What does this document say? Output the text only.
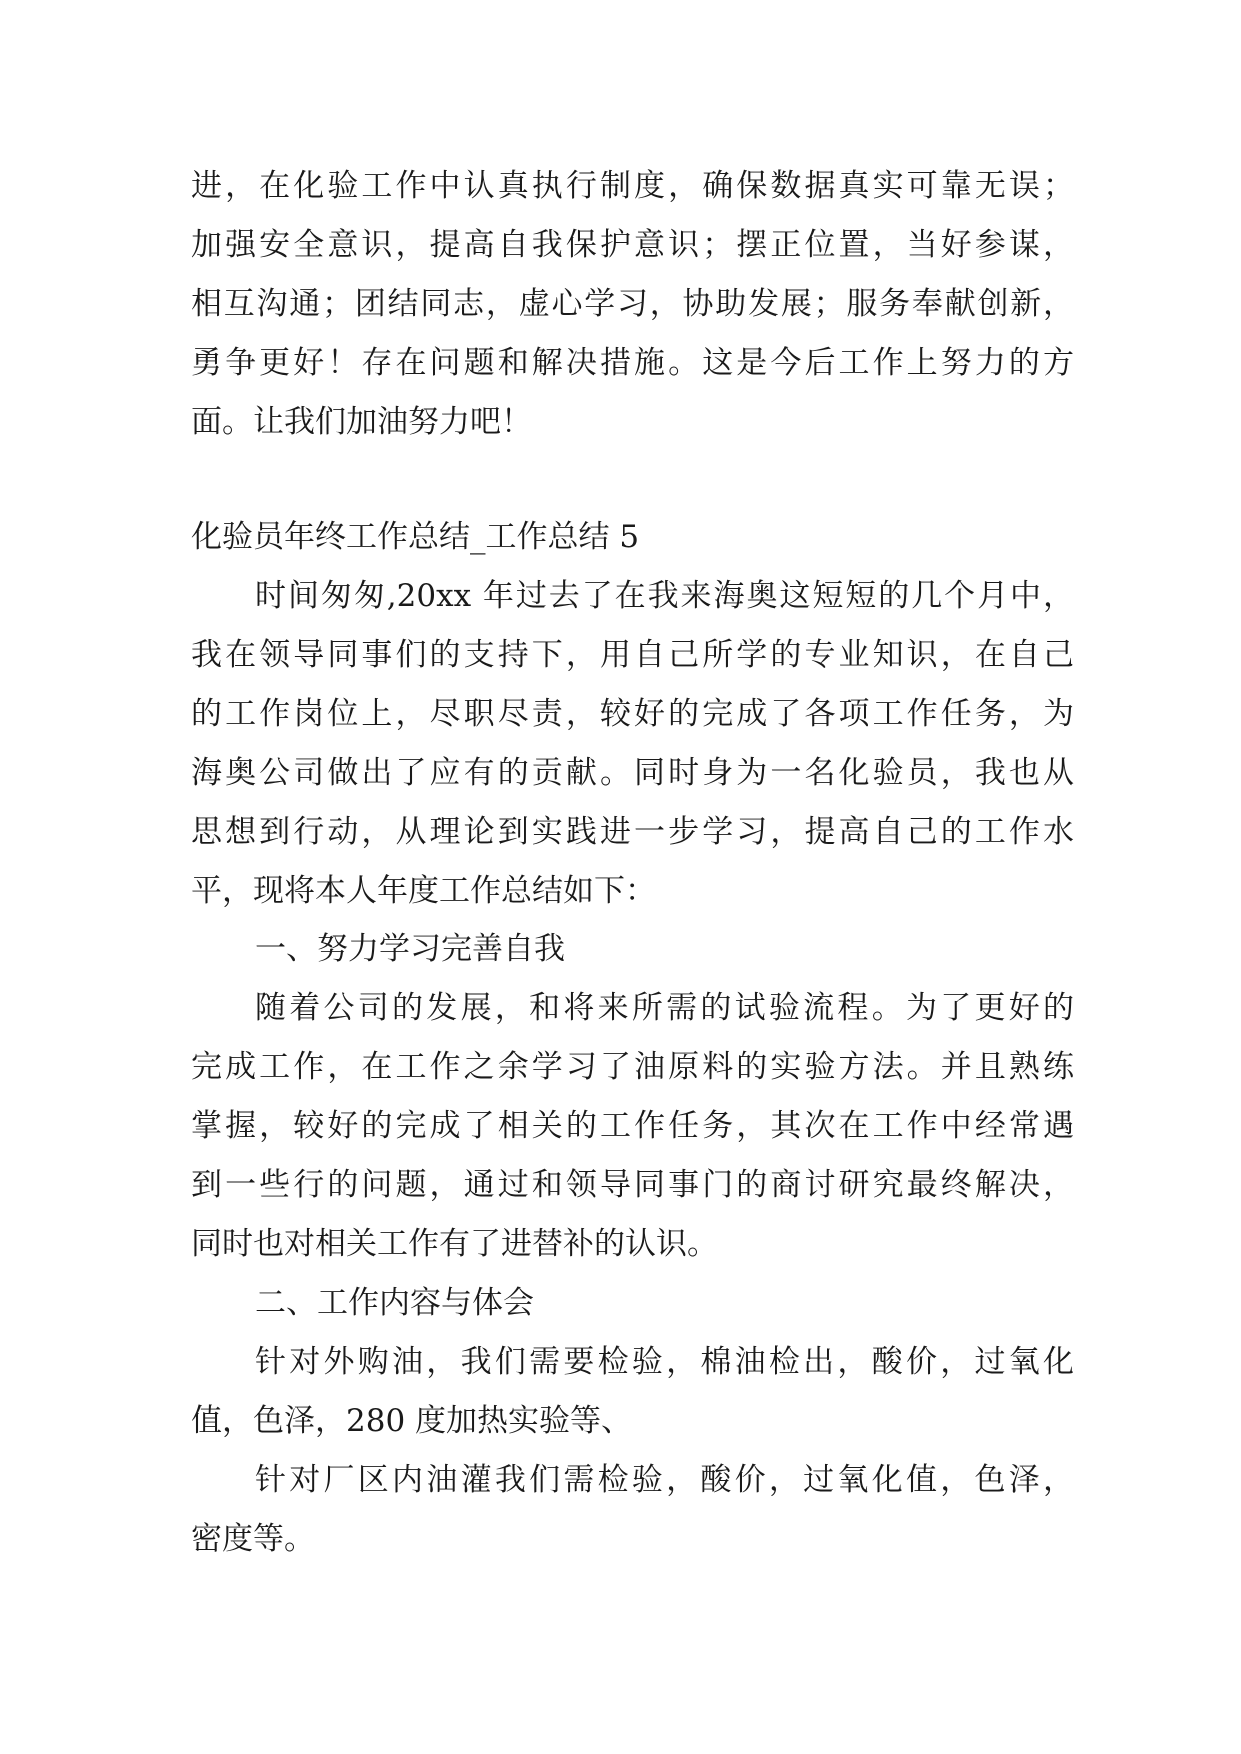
进，在化验工作中认真执行制度，确保数据真实可靠无误；
加强安全意识，提高自我保护意识；摆正位置，当好参谋，
相互沟通；团结同志，虚心学习，协助发展；服务奉献创新，
勇争更好！存在问题和解决措施。这是今后工作上努力的方
面。让我们加油努力吧！
化验员年终工作总结_工作总结 5
时间匆匆,20xx 年过去了在我来海奥这短短的几个月中，
我在领导同事们的支持下，用自己所学的专业知识，在自己
的工作岗位上，尽职尽责，较好的完成了各项工作任务，为
海奥公司做出了应有的贡献。同时身为一名化验员，我也从
思想到行动，从理论到实践进一步学习，提高自己的工作水
平，现将本人年度工作总结如下：
一、努力学习完善自我
随着公司的发展，和将来所需的试验流程。为了更好的
完成工作，在工作之余学习了油原料的实验方法。并且熟练
掌握，较好的完成了相关的工作任务，其次在工作中经常遇
到一些行的问题，通过和领导同事门的商讨研究最终解决，
同时也对相关工作有了进替补的认识。
二、工作内容与体会
针对外购油，我们需要检验，棉油检出，酸价，过氧化
值，色泽，280 度加热实验等、
针对厂区内油灌我们需检验，酸价，过氧化值，色泽，
密度等。
